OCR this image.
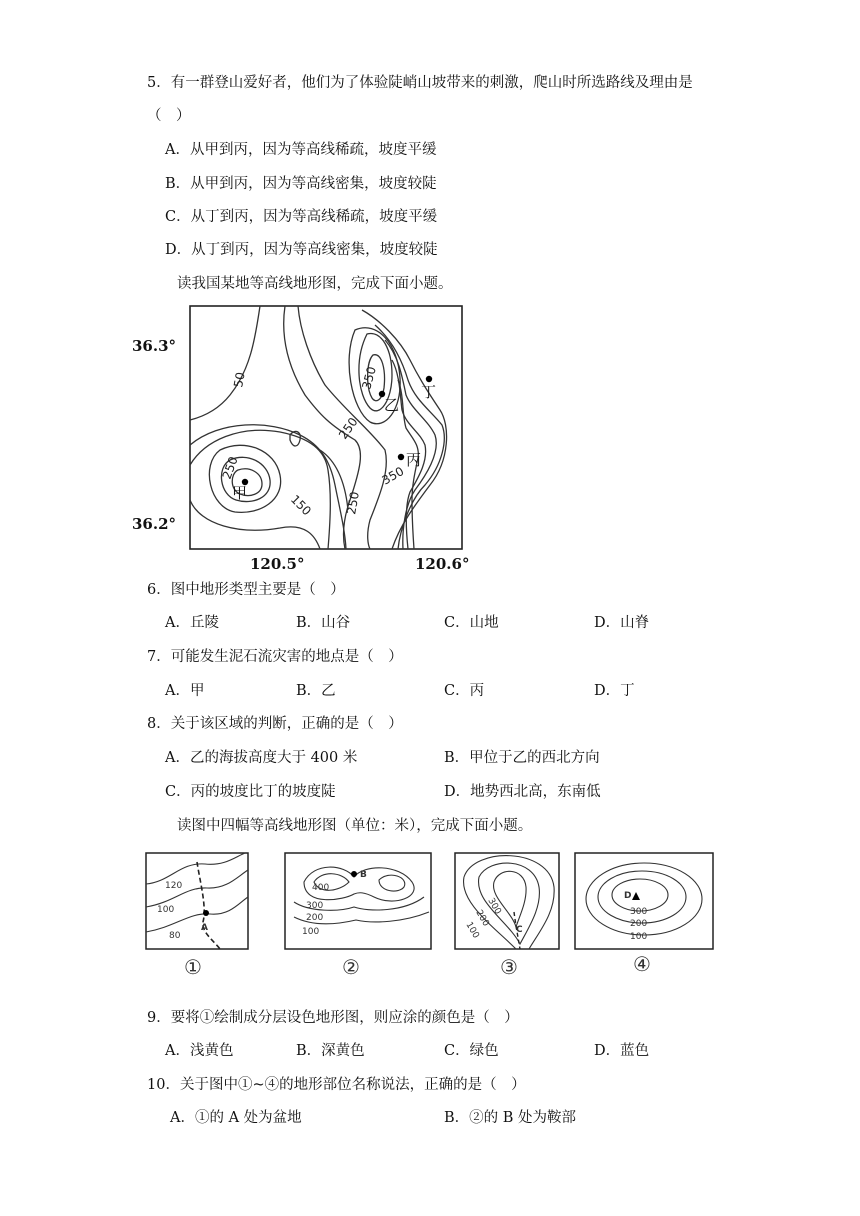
5．有一群登山爱好者，他们为了体验陡峭山坡带来的刺激，爬山时所选路线及理由是
（　）
A．从甲到丙，因为等高线稀疏，坡度平缓
B．从甲到丙，因为等高线密集，坡度较陡
C．从丁到丙，因为等高线稀疏，坡度平缓
D．从丁到丙，因为等高线密集，坡度较陡
读我国某地等高线地形图，完成下面小题。
36.3°
36.2°
120.5°	120.6°
50
250
350
250
150	250
350
甲
乙
丙
丁
6．图中地形类型主要是（　）
A．丘陵	B．山谷	C．山地	D．山脊
7．可能发生泥石流灾害的地点是（　）
A．甲	B．乙	C．丙	D．丁
8．关于该区域的判断，正确的是（　）
A．乙的海拔高度大于 400 米	B．甲位于乙的西北方向
C．丙的坡度比丁的坡度陡	D．地势西北高，东南低
读图中四幅等高线地形图（单位：米），完成下面小题。
120
100
80
A
①
400
300
200
100
B
②
300
200
100	C
③
D
300
200
100
④
9．要将①绘制成分层设色地形图，则应涂的颜色是（　）
A．浅黄色	B．深黄色	C．绿色	D．蓝色
10．关于图中①~④的地形部位名称说法，正确的是（　）
A．①的 A 处为盆地	B．②的 B 处为鞍部
